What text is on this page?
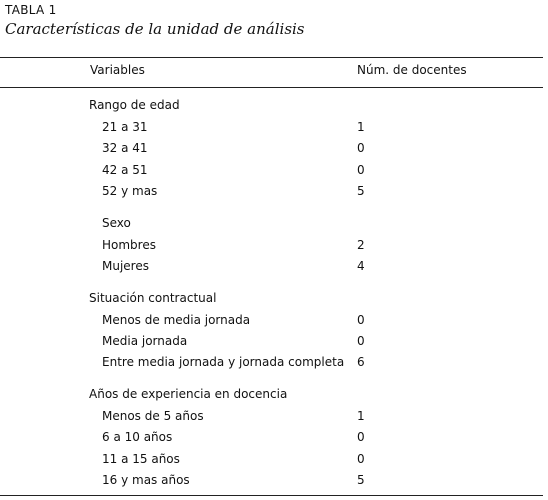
TABLA 1
Características de la unidad de análisis
Variables	Núm. de docentes
Rango de edad
21 a 31	1
32 a 41	0
42 a 51	0
52 y mas	5
Sexo
Hombres	2
Mujeres	4
Situación contractual
Menos de media jornada	0
Media jornada	0
Entre media jornada y jornada completa 6
Años de experiencia en docencia
Menos de 5 años	1
6 a 10 años	0
11 a 15 años	0
16 y mas años	5
